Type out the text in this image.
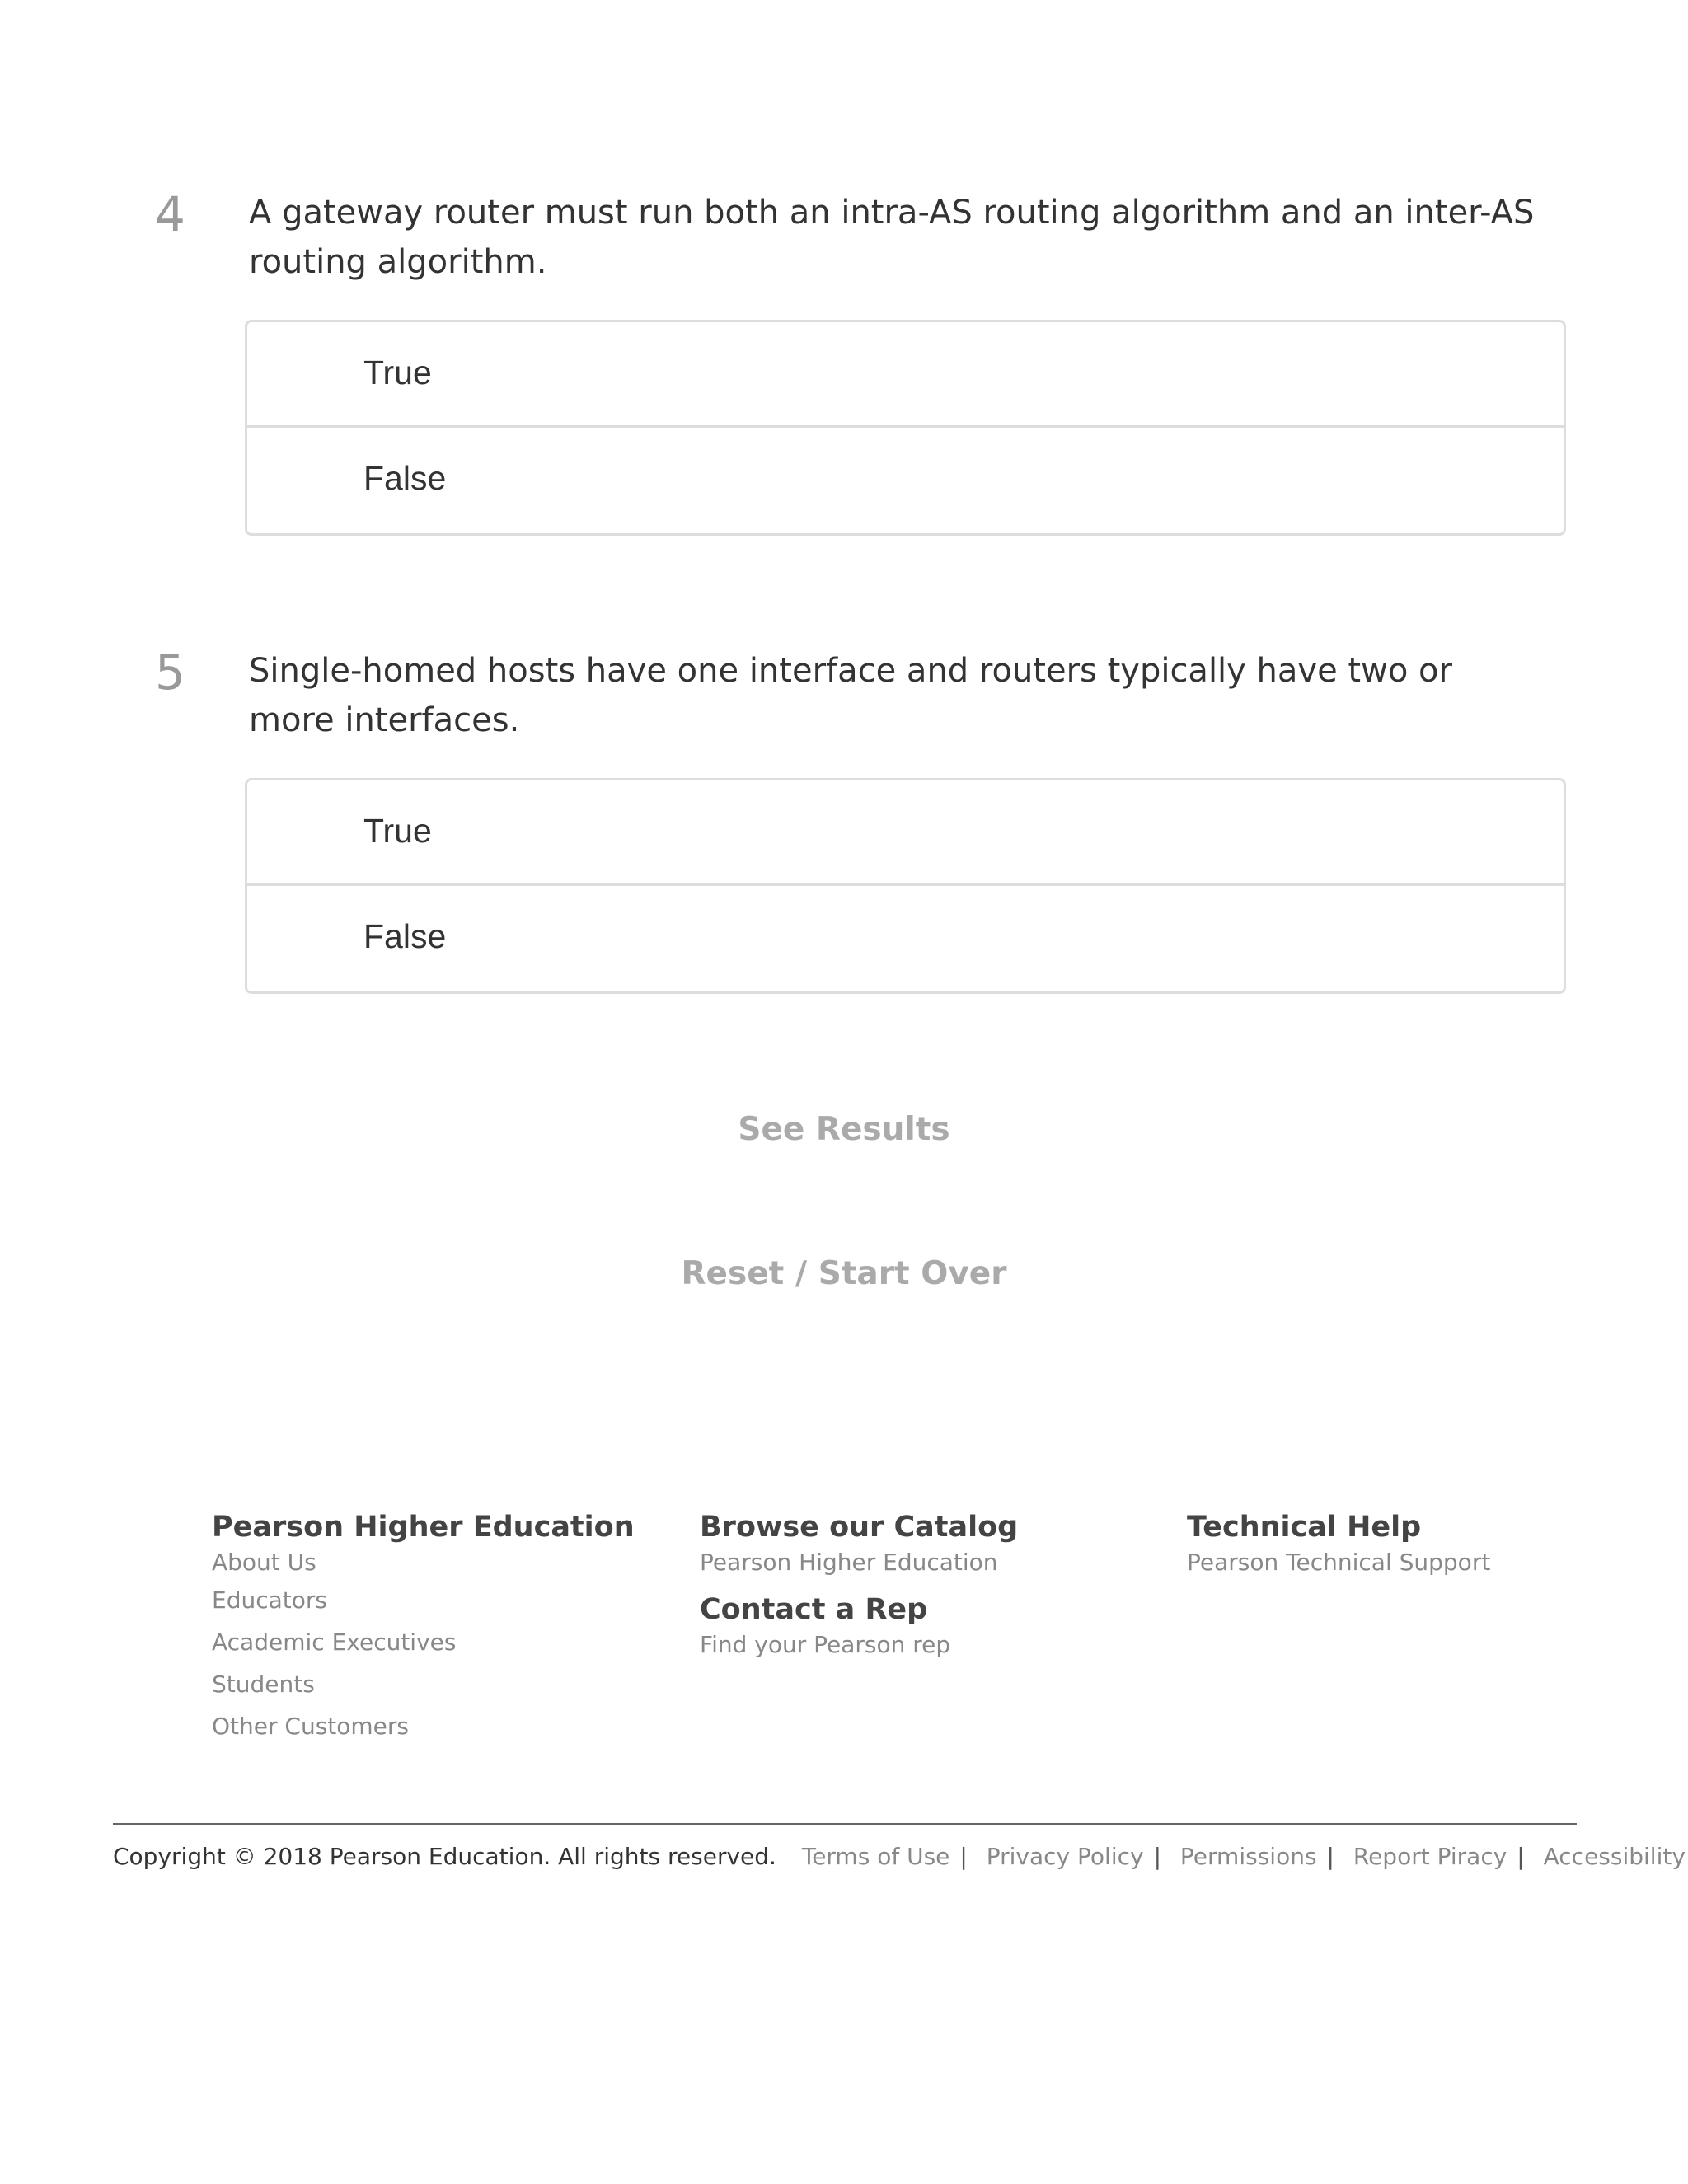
4 A gateway router must run both an intra-AS routing algorithm and an inter-AS routing algorithm.
True
False
5 Single-homed hosts have one interface and routers typically have two or more interfaces.
True
False
See Results
Reset / Start Over
Pearson Higher Education
About Us
Educators
Academic Executives
Students
Other Customers
Browse our Catalog
Pearson Higher Education
Contact a Rep
Find your Pearson rep
Technical Help
Pearson Technical Support
Copyright © 2018 Pearson Education. All rights reserved. Terms of Use | Privacy Policy | Permissions | Report Piracy | Accessibility
